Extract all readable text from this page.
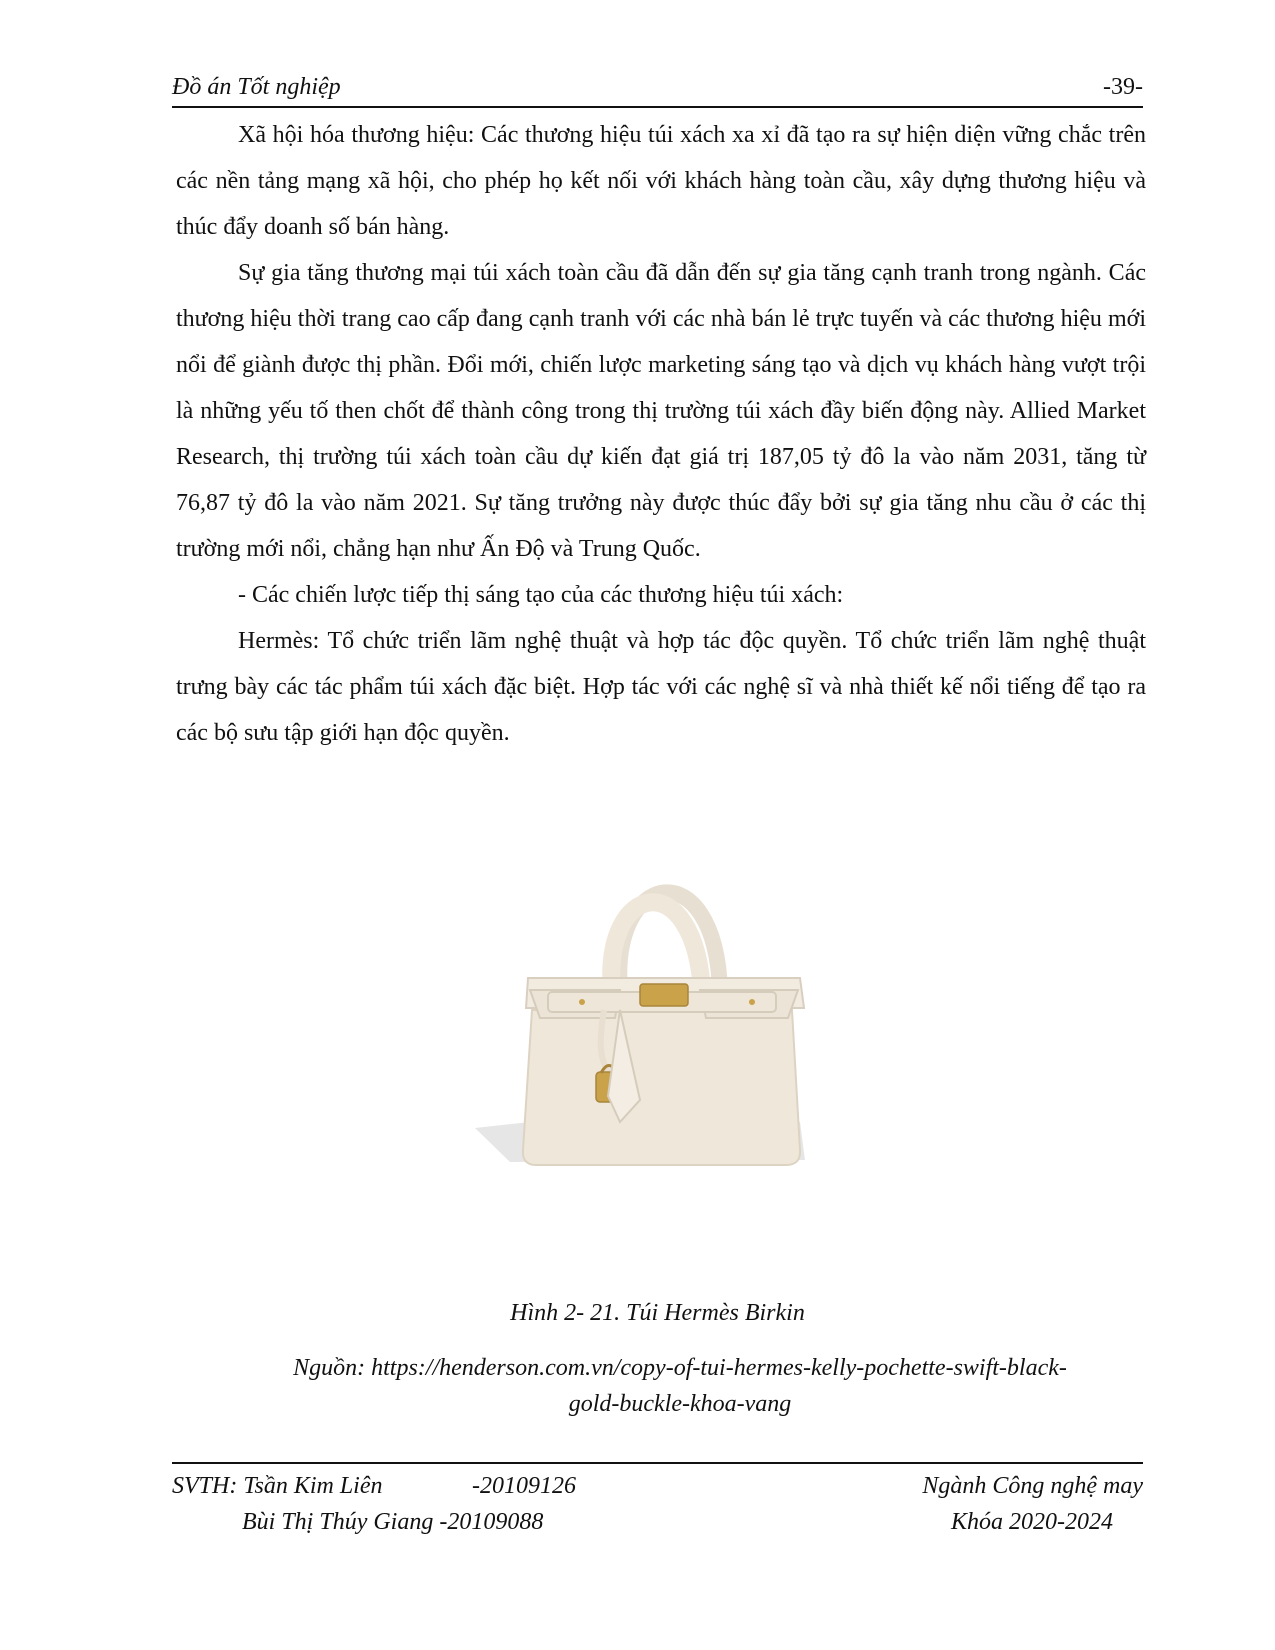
Đồ án Tốt nghiệp	-39-

Xã hội hóa thương hiệu: Các thương hiệu túi xách xa xỉ đã tạo ra sự hiện diện vững chắc trên các nền tảng mạng xã hội, cho phép họ kết nối với khách hàng toàn cầu, xây dựng thương hiệu và thúc đẩy doanh số bán hàng.

Sự gia tăng thương mại túi xách toàn cầu đã dẫn đến sự gia tăng cạnh tranh trong ngành. Các thương hiệu thời trang cao cấp đang cạnh tranh với các nhà bán lẻ trực tuyến và các thương hiệu mới nổi để giành được thị phần. Đổi mới, chiến lược marketing sáng tạo và dịch vụ khách hàng vượt trội là những yếu tố then chốt để thành công trong thị trường túi xách đầy biến động này. Allied Market Research, thị trường túi xách toàn cầu dự kiến đạt giá trị 187,05 tỷ đô la vào năm 2031, tăng từ 76,87 tỷ đô la vào năm 2021. Sự tăng trưởng này được thúc đẩy bởi sự gia tăng nhu cầu ở các thị trường mới nổi, chẳng hạn như Ấn Độ và Trung Quốc.

- Các chiến lược tiếp thị sáng tạo của các thương hiệu túi xách:

Hermès: Tổ chức triển lãm nghệ thuật và hợp tác độc quyền. Tổ chức triển lãm nghệ thuật trưng bày các tác phẩm túi xách đặc biệt. Hợp tác với các nghệ sĩ và nhà thiết kế nổi tiếng để tạo ra các bộ sưu tập giới hạn độc quyền.

Hình 2- 21. Túi Hermès Birkin
Nguồn: https://henderson.com.vn/copy-of-tui-hermes-kelly-pochette-swift-black-
gold-buckle-khoa-vang
SVTH: Tsần Kim Liên	-20109126
Bùi Thị Thúy Giang -20109088
Ngành Công nghệ may
Khóa 2020-2024
